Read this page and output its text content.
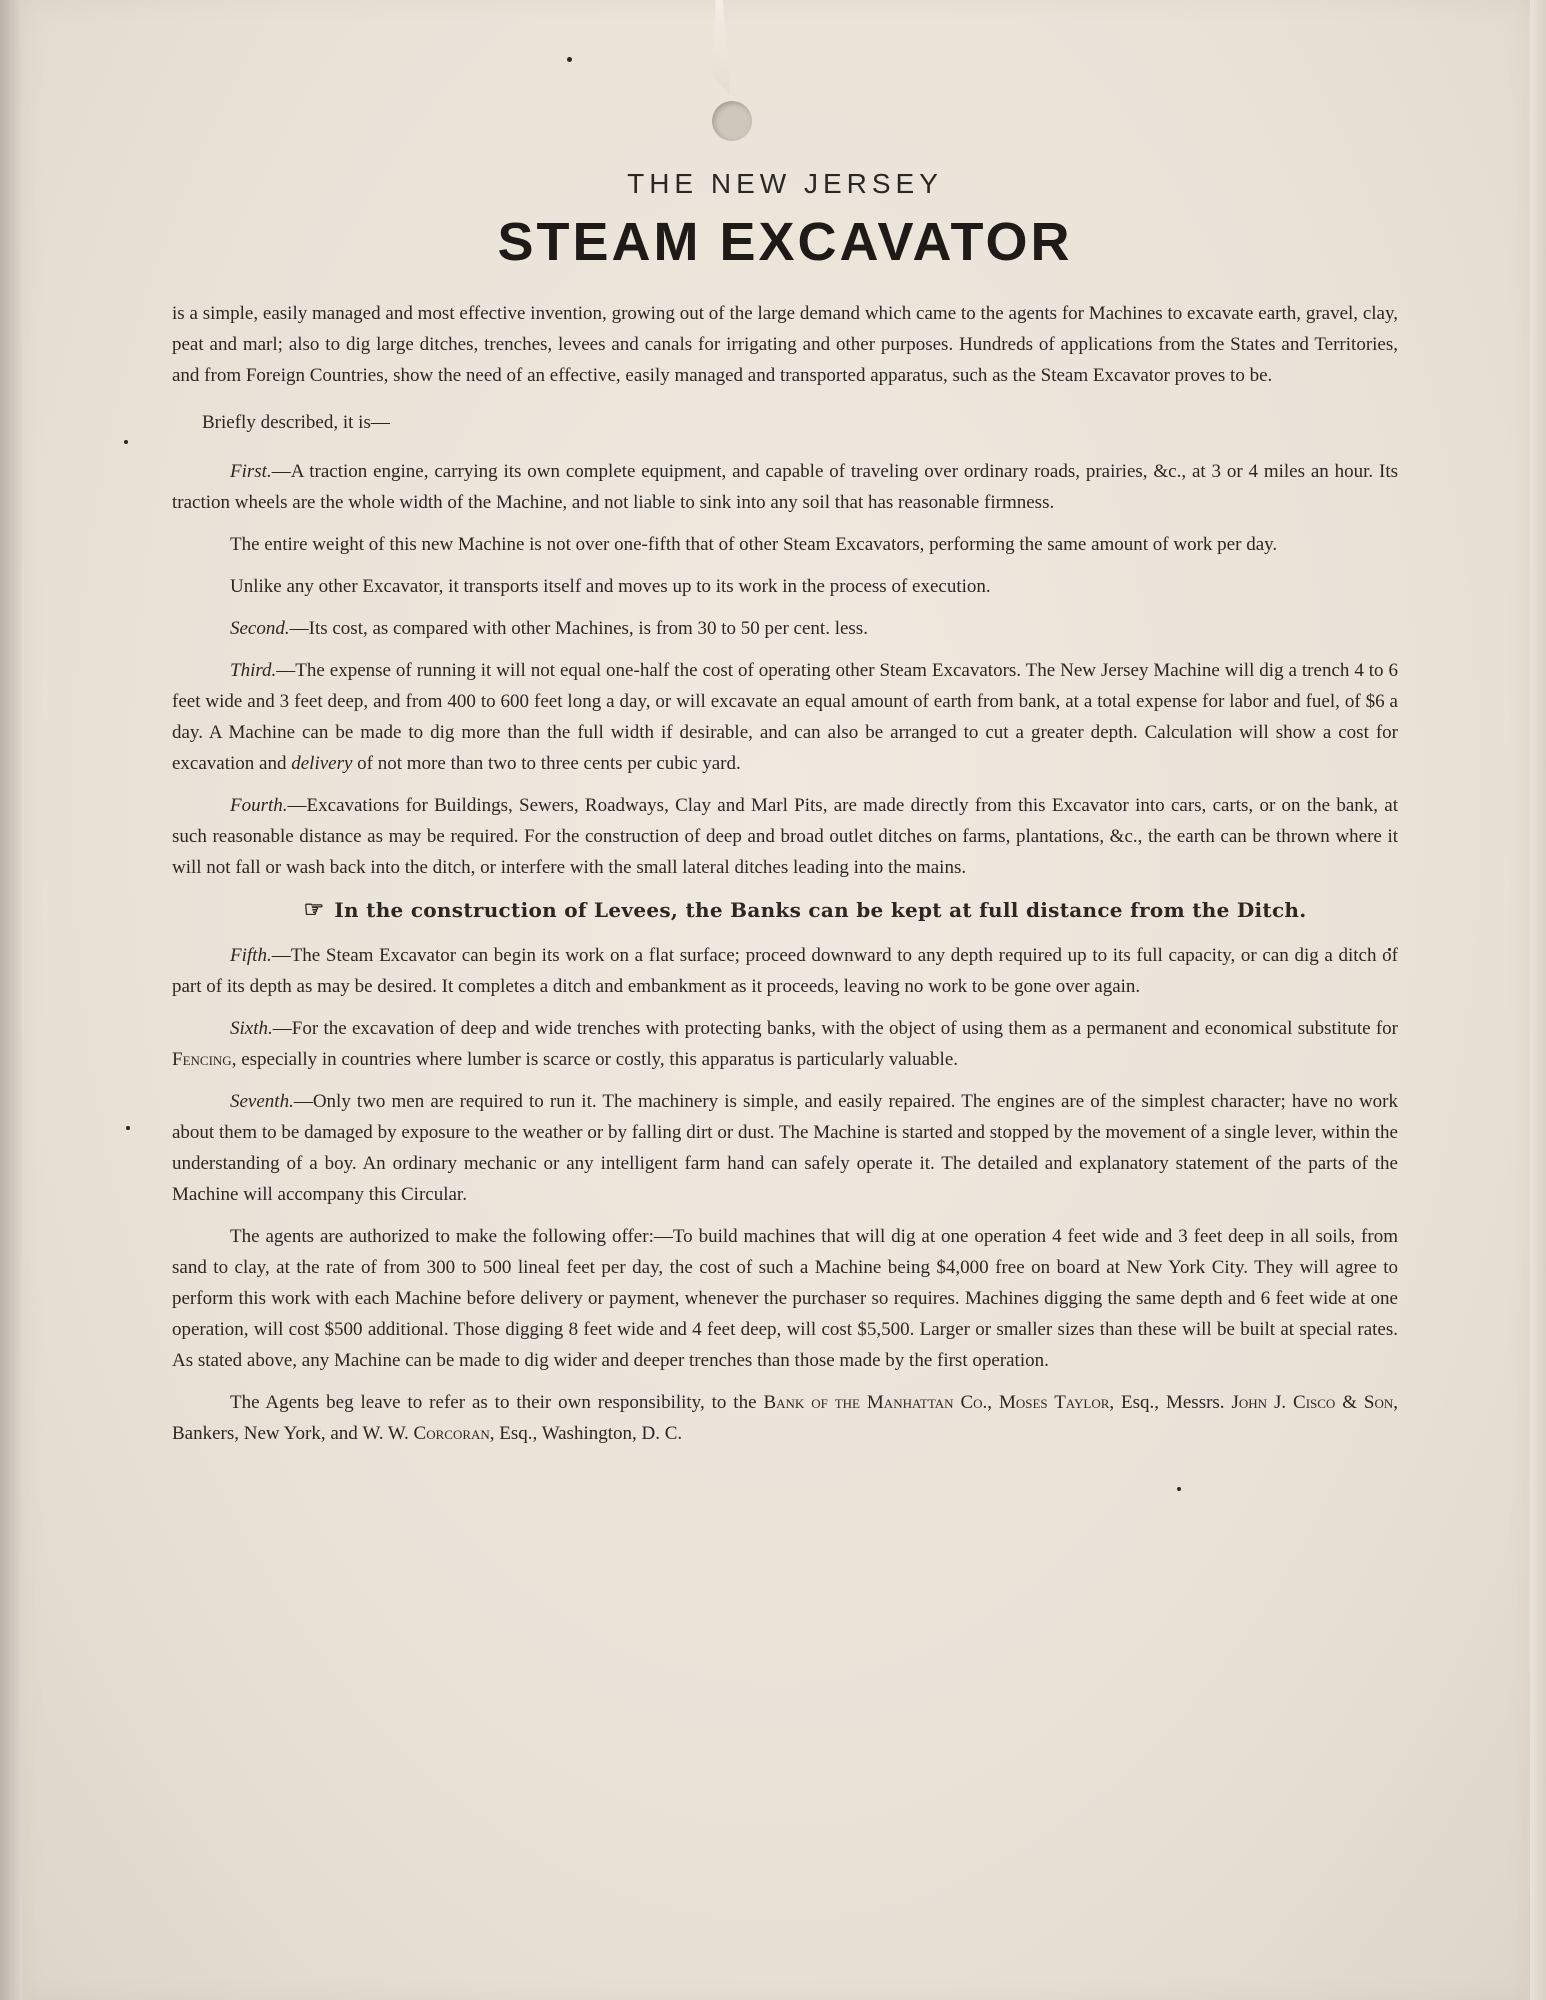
THE NEW JERSEY
STEAM EXCAVATOR

is a simple, easily managed and most effective invention, growing out of the large demand which came to the agents for Machines to excavate earth, gravel, clay, peat and marl; also to dig large ditches, trenches, levees and canals for irrigating and other purposes. Hundreds of applications from the States and Territories, and from Foreign Countries, show the need of an effective, easily managed and transported apparatus, such as the Steam Excavator proves to be.

Briefly described, it is—

First.—A traction engine, carrying its own complete equipment, and capable of traveling over ordinary roads, prairies, &c., at 3 or 4 miles an hour. Its traction wheels are the whole width of the Machine, and not liable to sink into any soil that has reasonable firmness.

The entire weight of this new Machine is not over one-fifth that of other Steam Excavators, performing the same amount of work per day.

Unlike any other Excavator, it transports itself and moves up to its work in the process of execution.

Second.—Its cost, as compared with other Machines, is from 30 to 50 per cent. less.

Third.—The expense of running it will not equal one-half the cost of operating other Steam Excavators. The New Jersey Machine will dig a trench 4 to 6 feet wide and 3 feet deep, and from 400 to 600 feet long a day, or will excavate an equal amount of earth from bank, at a total expense for labor and fuel, of $6 a day. A Machine can be made to dig more than the full width if desirable, and can also be arranged to cut a greater depth. Calculation will show a cost for excavation and delivery of not more than two to three cents per cubic yard.

Fourth.—Excavations for Buildings, Sewers, Roadways, Clay and Marl Pits, are made directly from this Excavator into cars, carts, or on the bank, at such reasonable distance as may be required. For the construction of deep and broad outlet ditches on farms, plantations, &c., the earth can be thrown where it will not fall or wash back into the ditch, or interfere with the small lateral ditches leading into the mains.

☞ In the construction of Levees, the Banks can be kept at full distance from the Ditch.

Fifth.—The Steam Excavator can begin its work on a flat surface; proceed downward to any depth required up to its full capacity, or can dig a ditch of part of its depth as may be desired. It completes a ditch and embankment as it proceeds, leaving no work to be gone over again.

Sixth.—For the excavation of deep and wide trenches with protecting banks, with the object of using them as a permanent and economical substitute for Fencing, especially in countries where lumber is scarce or costly, this apparatus is particularly valuable.

Seventh.—Only two men are required to run it. The machinery is simple, and easily repaired. The engines are of the simplest character; have no work about them to be damaged by exposure to the weather or by falling dirt or dust. The Machine is started and stopped by the movement of a single lever, within the understanding of a boy. An ordinary mechanic or any intelligent farm hand can safely operate it. The detailed and explanatory statement of the parts of the Machine will accompany this Circular.

The agents are authorized to make the following offer:—To build machines that will dig at one operation 4 feet wide and 3 feet deep in all soils, from sand to clay, at the rate of from 300 to 500 lineal feet per day, the cost of such a Machine being $4,000 free on board at New York City. They will agree to perform this work with each Machine before delivery or payment, whenever the purchaser so requires. Machines digging the same depth and 6 feet wide at one operation, will cost $500 additional. Those digging 8 feet wide and 4 feet deep, will cost $5,500. Larger or smaller sizes than these will be built at special rates. As stated above, any Machine can be made to dig wider and deeper trenches than those made by the first operation.

The Agents beg leave to refer as to their own responsibility, to the Bank of the Manhattan Co., Moses Taylor, Esq., Messrs. John J. Cisco & Son, Bankers, New York, and W. W. Corcoran, Esq., Washington, D. C.
